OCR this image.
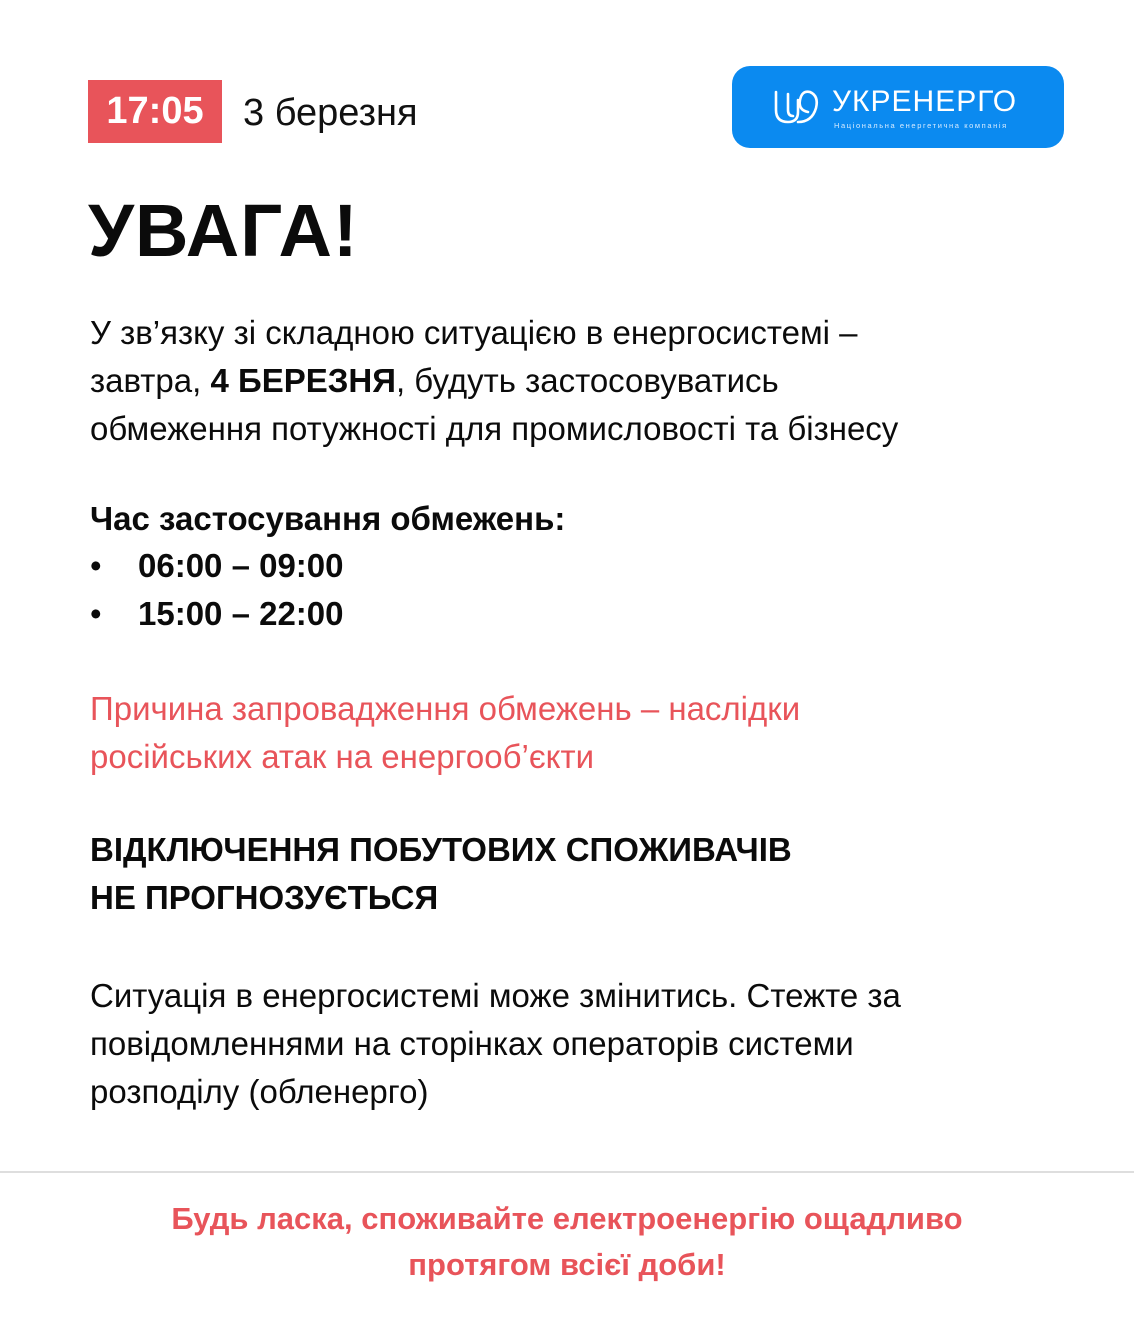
17:05	3 березня	УКРЕНЕРГО
Національна енергетична компанія
УВАГА!

У зв’язку зі складною ситуацією в енергосистемі –
завтра, 4 БЕРЕЗНЯ, будуть застосовуватись
обмеження потужності для промисловості та бізнесу

Час застосування обмежень:

• 06:00 – 09:00
• 15:00 – 22:00

Причина запровадження обмежень – наслідки
російських атак на енергооб’єкти

ВІДКЛЮЧЕННЯ ПОБУТОВИХ СПОЖИВАЧІВ
НЕ ПРОГНОЗУЄТЬСЯ

Ситуація в енергосистемі може змінитись. Стежте за
повідомленнями на сторінках операторів системи
розподілу (обленерго)

Будь ласка, споживайте електроенергію ощадливо
протягом всієї доби!
